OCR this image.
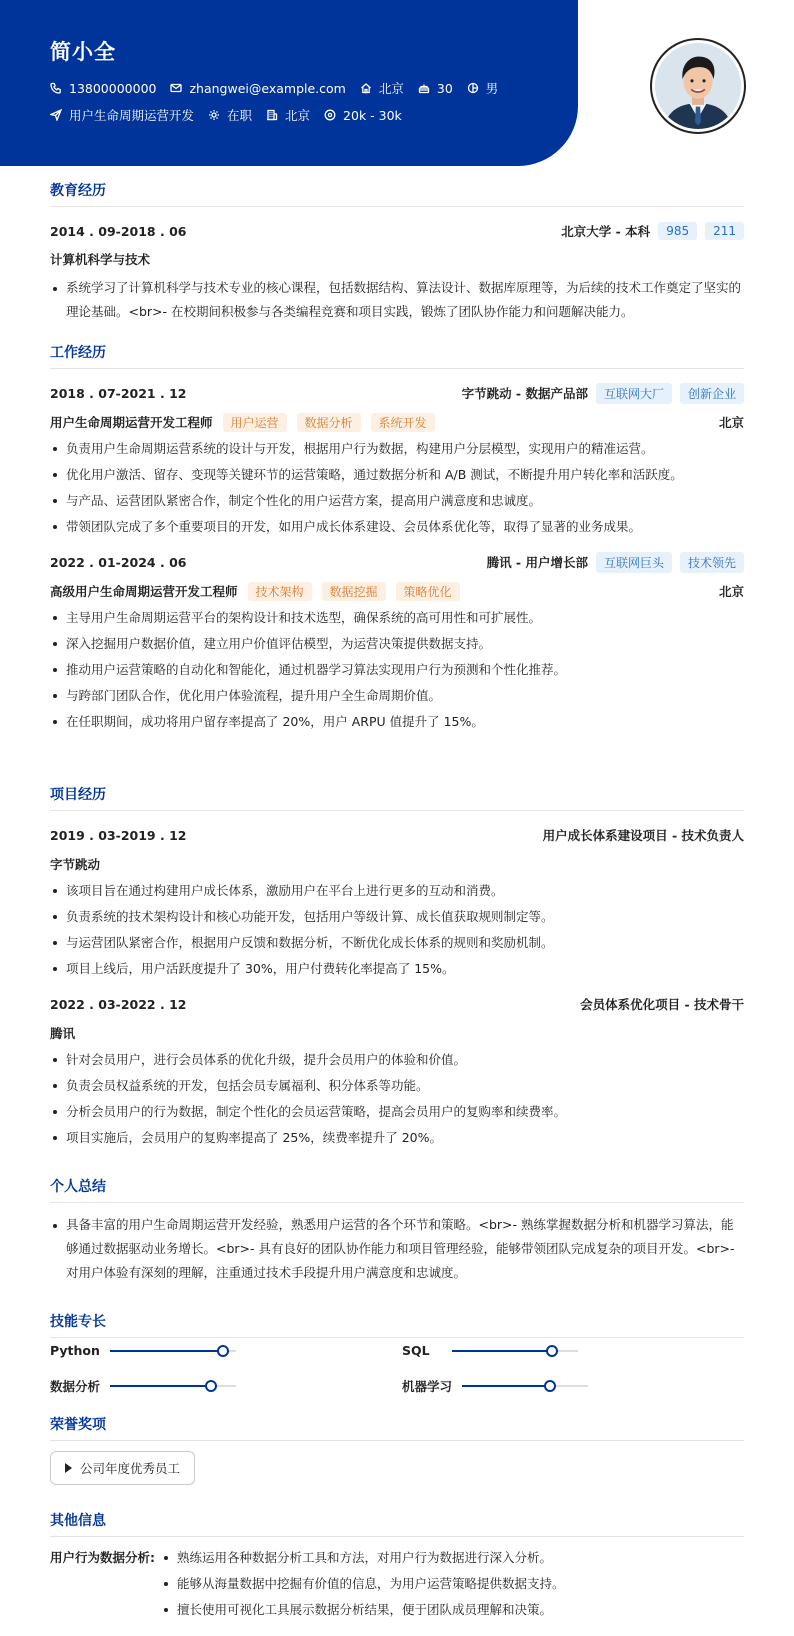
简小全
13800000000	zhangwei@example.com	北京	30	男
用户生命周期运营开发	在职	北京	20k - 30k
教育经历
2014 . 09-2018 . 06	北京大学 - 本科	985	211
计算机科学与技术
系统学习了计算机科学与技术专业的核心课程，包括数据结构、算法设计、数据库原理等，为后续的技术工作奠定了坚实的理论基础。<br>- 在校期间积极参与各类编程竞赛和项目实践，锻炼了团队协作能力和问题解决能力。
工作经历
2018 . 07-2021 . 12	字节跳动 - 数据产品部	互联网大厂	创新企业
用户生命周期运营开发工程师	用户运营	数据分析	系统开发	北京
负责用户生命周期运营系统的设计与开发，根据用户行为数据，构建用户分层模型，实现用户的精准运营。
优化用户激活、留存、变现等关键环节的运营策略，通过数据分析和 A/B 测试，不断提升用户转化率和活跃度。
与产品、运营团队紧密合作，制定个性化的用户运营方案，提高用户满意度和忠诚度。
带领团队完成了多个重要项目的开发，如用户成长体系建设、会员体系优化等，取得了显著的业务成果。
2022 . 01-2024 . 06	腾讯 - 用户增长部	互联网巨头	技术领先
高级用户生命周期运营开发工程师	技术架构	数据挖掘	策略优化	北京
主导用户生命周期运营平台的架构设计和技术选型，确保系统的高可用性和可扩展性。
深入挖掘用户数据价值，建立用户价值评估模型，为运营决策提供数据支持。
推动用户运营策略的自动化和智能化，通过机器学习算法实现用户行为预测和个性化推荐。
与跨部门团队合作，优化用户体验流程，提升用户全生命周期价值。
在任职期间，成功将用户留存率提高了 20%，用户 ARPU 值提升了 15%。
项目经历
2019 . 03-2019 . 12	用户成长体系建设项目 - 技术负责人
字节跳动
该项目旨在通过构建用户成长体系，激励用户在平台上进行更多的互动和消费。
负责系统的技术架构设计和核心功能开发，包括用户等级计算、成长值获取规则制定等。
与运营团队紧密合作，根据用户反馈和数据分析，不断优化成长体系的规则和奖励机制。
项目上线后，用户活跃度提升了 30%，用户付费转化率提高了 15%。
2022 . 03-2022 . 12	会员体系优化项目 - 技术骨干
腾讯
针对会员用户，进行会员体系的优化升级，提升会员用户的体验和价值。
负责会员权益系统的开发，包括会员专属福利、积分体系等功能。
分析会员用户的行为数据，制定个性化的会员运营策略，提高会员用户的复购率和续费率。
项目实施后，会员用户的复购率提高了 25%，续费率提升了 20%。
个人总结
具备丰富的用户生命周期运营开发经验，熟悉用户运营的各个环节和策略。<br>- 熟练掌握数据分析和机器学习算法，能够通过数据驱动业务增长。<br>- 具有良好的团队协作能力和项目管理经验，能够带领团队完成复杂的项目开发。<br>- 对用户体验有深刻的理解，注重通过技术手段提升用户满意度和忠诚度。
技能专长
Python	SQL
数据分析	机器学习
荣誉奖项
公司年度优秀员工
其他信息
用户行为数据分析:	熟练运用各种数据分析工具和方法，对用户行为数据进行深入分析。
能够从海量数据中挖掘有价值的信息，为用户运营策略提供数据支持。
擅长使用可视化工具展示数据分析结果，便于团队成员理解和决策。
